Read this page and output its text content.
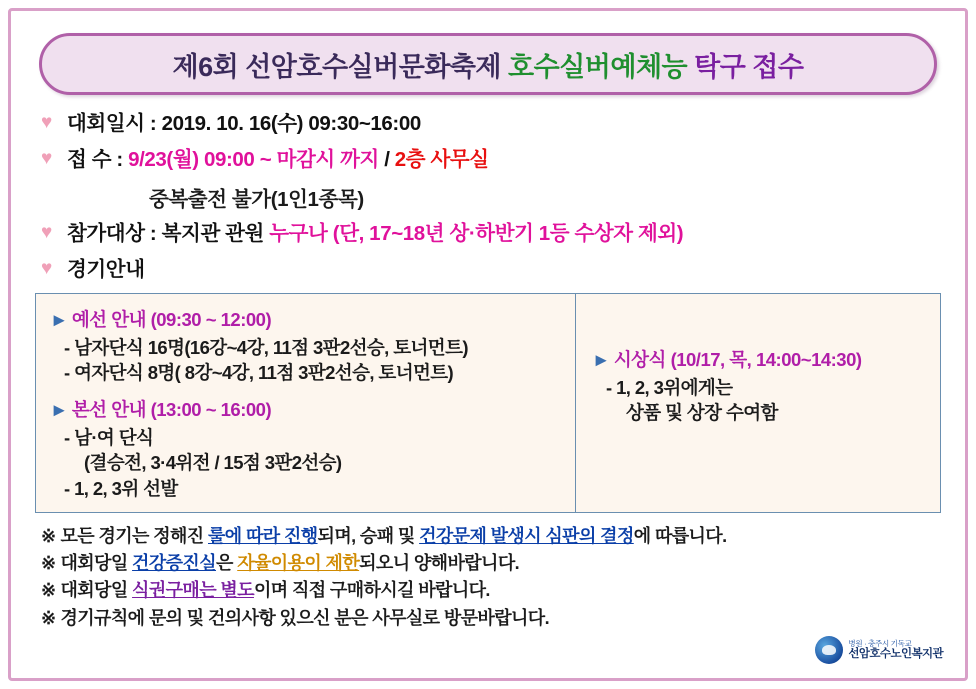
제6회 선암호수실버문화축제 호수실버예체능 탁구 접수
♥ 대회일시 : 2019. 10. 16(수) 09:30~16:00
♥ 접 수 : 9/23(월) 09:00 ~ 마감시 까지 / 2층 사무실
중복출전 불가(1인1종목)
♥ 참가대상 : 복지관 관원 누구나 (단, 17~18년 상·하반기 1등 수상자 제외)
♥ 경기안내
► 예선 안내 (09:30 ~ 12:00)
- 남자단식 16명(16강~4강, 11점 3판2선승, 토너먼트)
- 여자단식 8명( 8강~4강, 11점 3판2선승, 토너먼트)
► 본선 안내 (13:00 ~ 16:00)
- 남·여 단식
(결승전, 3·4위전 / 15점 3판2선승)
- 1, 2, 3위 선발
► 시상식 (10/17, 목, 14:00~14:30)
- 1, 2, 3위에게는
상품 및 상장 수여함
※ 모든 경기는 정해진 룰에 따라 진행되며, 승패 및 건강문제 발생시 심판의 결정에 따릅니다.
※ 대회당일 건강증진실은 자율이용이 제한되오니 양해바랍니다.
※ 대회당일 식권구매는 별도이며 직접 구매하시길 바랍니다.
※ 경기규칙에 문의 및 건의사항 있으신 분은 사무실로 방문바랍니다.
병원 · 충주시 기독교
선암호수노인복지관
